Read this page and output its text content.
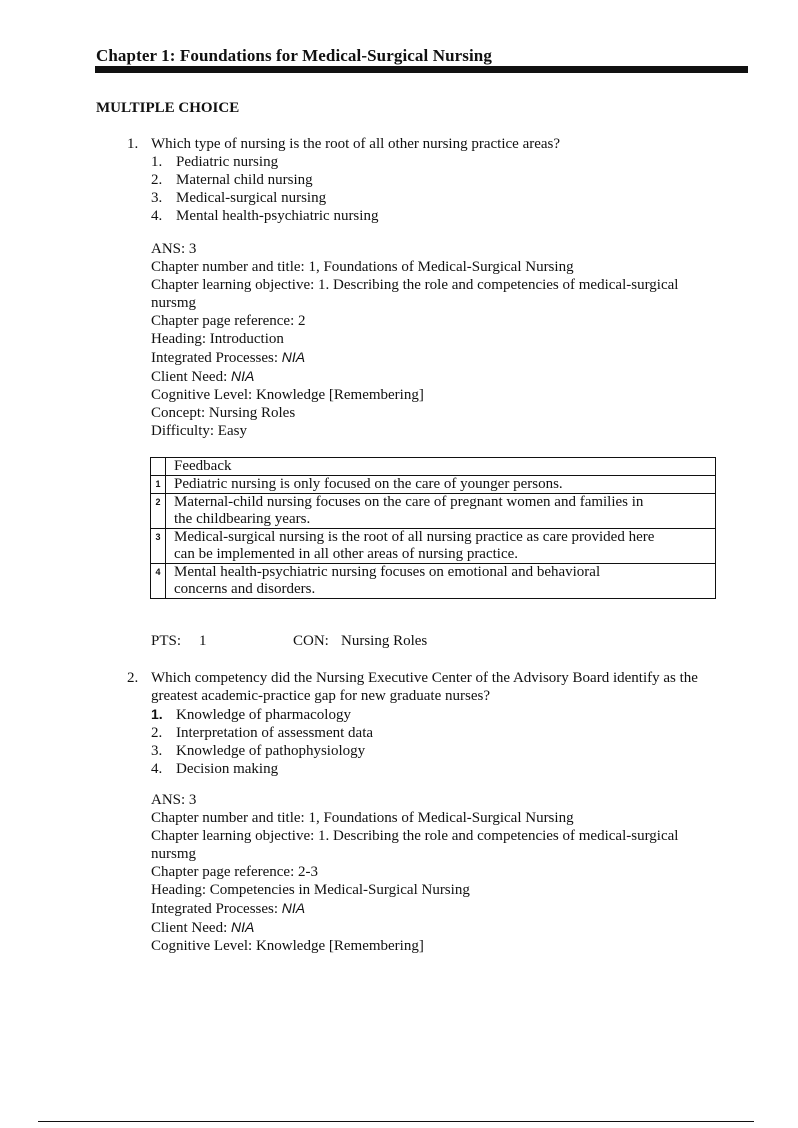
Chapter 1: Foundations for Medical-Surgical Nursing
MULTIPLE CHOICE
1. Which type of nursing is the root of all other nursing practice areas?
1. Pediatric nursing
2. Maternal child nursing
3. Medical-surgical nursing
4. Mental health-psychiatric nursing
ANS: 3
Chapter number and title: 1, Foundations of Medical-Surgical Nursing
Chapter learning objective: 1. Describing the role and competencies of medical-surgical
nursmg
Chapter page reference: 2
Heading: Introduction
Integrated Processes: NIA
Client Need: NIA
Cognitive Level: Knowledge [Remembering]
Concept: Nursing Roles
Difficulty: Easy
	Feedback
1	Pediatric nursing is only focused on the care of younger persons.
2	Maternal-child nursing focuses on the care of pregnant women and families in
the childbearing years.

3	Medical-surgical nursing is the root of all nursing practice as care provided here
can be implemented in all other areas of nursing practice.

4	Mental health-psychiatric nursing focuses on emotional and behavioral
concerns and disorders.
PTS: 1	CON: Nursing Roles
2. Which competency did the Nursing Executive Center of the Advisory Board identify as the
greatest academic-practice gap for new graduate nurses?
1. Knowledge of pharmacology
2. Interpretation of assessment data
3. Knowledge of pathophysiology
4. Decision making
ANS: 3
Chapter number and title: 1, Foundations of Medical-Surgical Nursing
Chapter learning objective: 1. Describing the role and competencies of medical-surgical
nursmg
Chapter page reference: 2-3
Heading: Competencies in Medical-Surgical Nursing
Integrated Processes: NIA
Client Need: NIA
Cognitive Level: Knowledge [Remembering]
